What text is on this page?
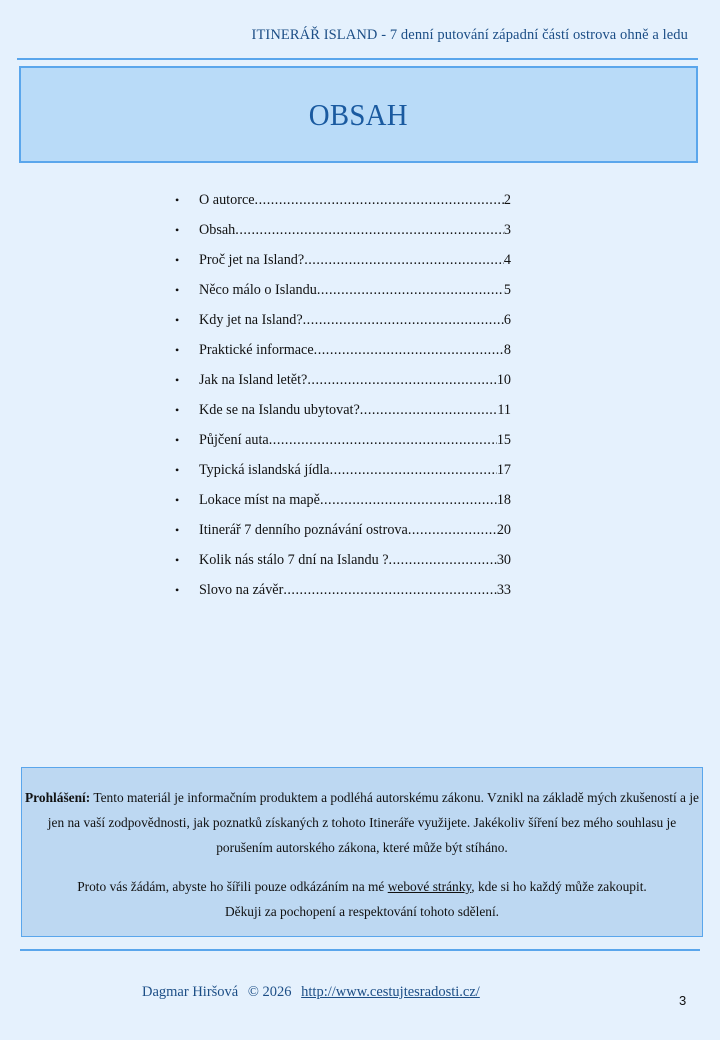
ITINERÁŘ ISLAND - 7 denní putování západní částí ostrova ohně a ledu
OBSAH
•	O autorce .....	2
•	Obsah .....	3
•	Proč jet na Island? .....	4
•	Něco málo o Islandu .....	5
•	Kdy jet na Island? .....	6
•	Praktické informace .....	8
•	Jak na Island letět? .....	10
•	Kde se na Islandu ubytovat? .....	11
•	Půjčení auta .....	15
•	Typická islandská jídla .....	17
•	Lokace míst na mapě .....	18
•	Itinerář 7 denního poznávání ostrova .....	20
•	Kolik nás stálo 7 dní na Islandu ? .....	30
•	Slovo na závěr .....	33

Prohlášení: Tento materiál je informačním produktem a podléhá autorskému zákonu. Vznikl na základě mých zkušeností a je jen na vaší zodpovědnosti, jak poznatků získaných z tohoto Itineráře využijete. Jakékoliv šíření bez mého souhlasu je porušením autorského zákona, které může být stíháno.

Proto vás žádám, abyste ho šířili pouze odkázáním na mé webové stránky, kde si ho každý může zakoupit.
Děkuji za pochopení a respektování tohoto sdělení.

Dagmar Hiršová © 2026 http://www.cestujtesradosti.cz/
3
